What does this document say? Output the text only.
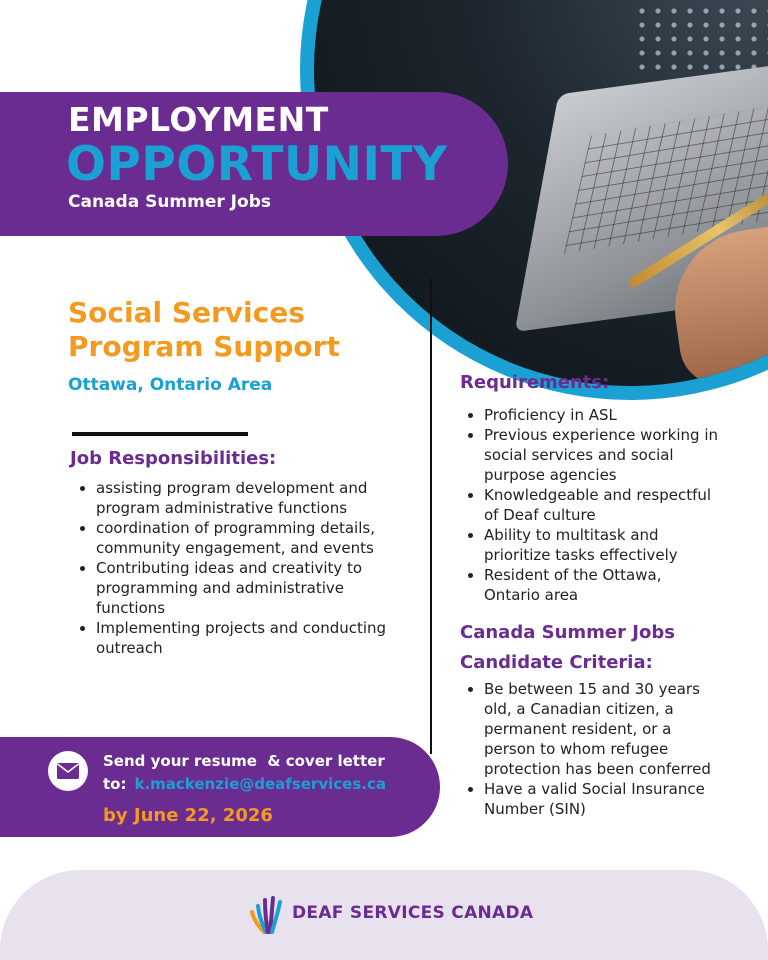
EMPLOYMENT
OPPORTUNITY
Canada Summer Jobs
Social Services Program Support
Ottawa, Ontario Area
Job Responsibilities:
• assisting program development and program administrative functions
• coordination of programming details, community engagement, and events
• Contributing ideas and creativity to programming and administrative functions
• Implementing projects and conducting outreach
Requirements:
• Proficiency in ASL
• Previous experience working in social services and social purpose agencies
• Knowledgeable and respectful of Deaf culture
• Ability to multitask and prioritize tasks effectively
• Resident of the Ottawa, Ontario area
Canada Summer Jobs
Candidate Criteria:
• Be between 15 and 30 years old, a Canadian citizen, a permanent resident, or a person to whom refugee protection has been conferred
• Have a valid Social Insurance Number (SIN)
Send your resume  & cover letter
to: k.mackenzie@deafservices.ca
by June 22, 2026
DEAF SERVICES CANADA
